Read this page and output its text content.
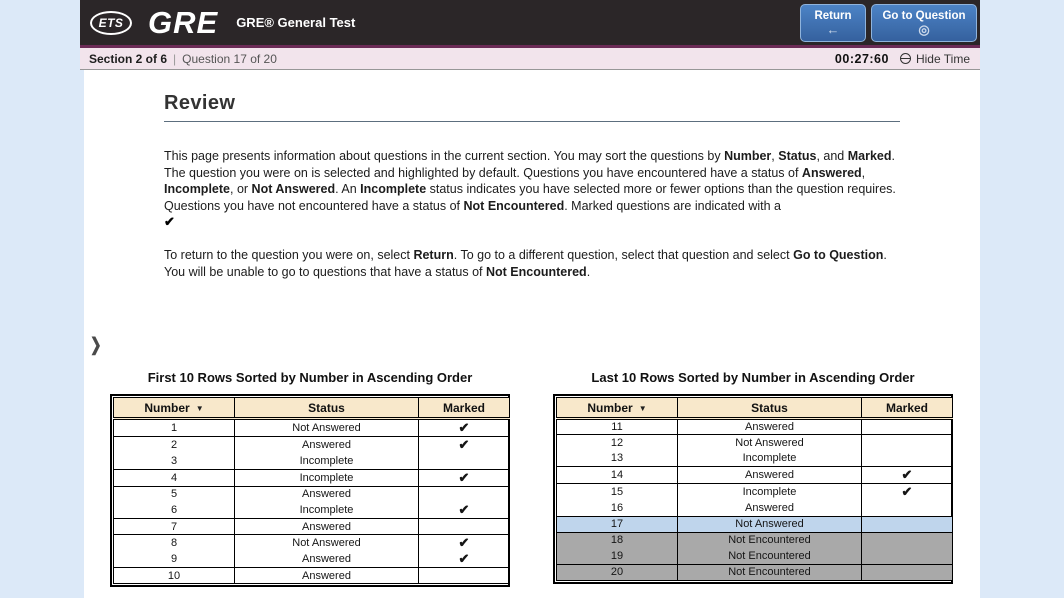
ETS GRE GRE® General Test	Return
←
Go to Question
◎
Section 2 of 6 | Question 17 of 20	00:27:60 Hide Time
❯
Review

This page presents information about questions in the current section. You may sort the questions by Number, Status, and Marked. The question you were on is selected and highlighted by default. Questions you have encountered have a status of Answered, Incomplete, or Not Answered. An Incomplete status indicates you have selected more or fewer options than the question requires. Questions you have not encountered have a status of Not Encountered. Marked questions are indicated with a

✔

To return to the question you were on, select Return. To go to a different question, select that question and select Go to Question. You will be unable to go to questions that have a status of Not Encountered.

First 10 Rows Sorted by Number in Ascending Order
Number ▼	Status	Marked
1	Not Answered	✔
2	Answered	✔
3	Incomplete	
4	Incomplete	✔
5	Answered	
6	Incomplete	✔
7	Answered	
8	Not Answered	✔
9	Answered	✔
10	Answered	
Last 10 Rows Sorted by Number in Ascending Order
Number ▼	Status	Marked
11	Answered	
12	Not Answered	
13	Incomplete	
14	Answered	✔
15	Incomplete	✔
16	Answered	
17	Not Answered	
18	Not Encountered	
19	Not Encountered	
20	Not Encountered	
